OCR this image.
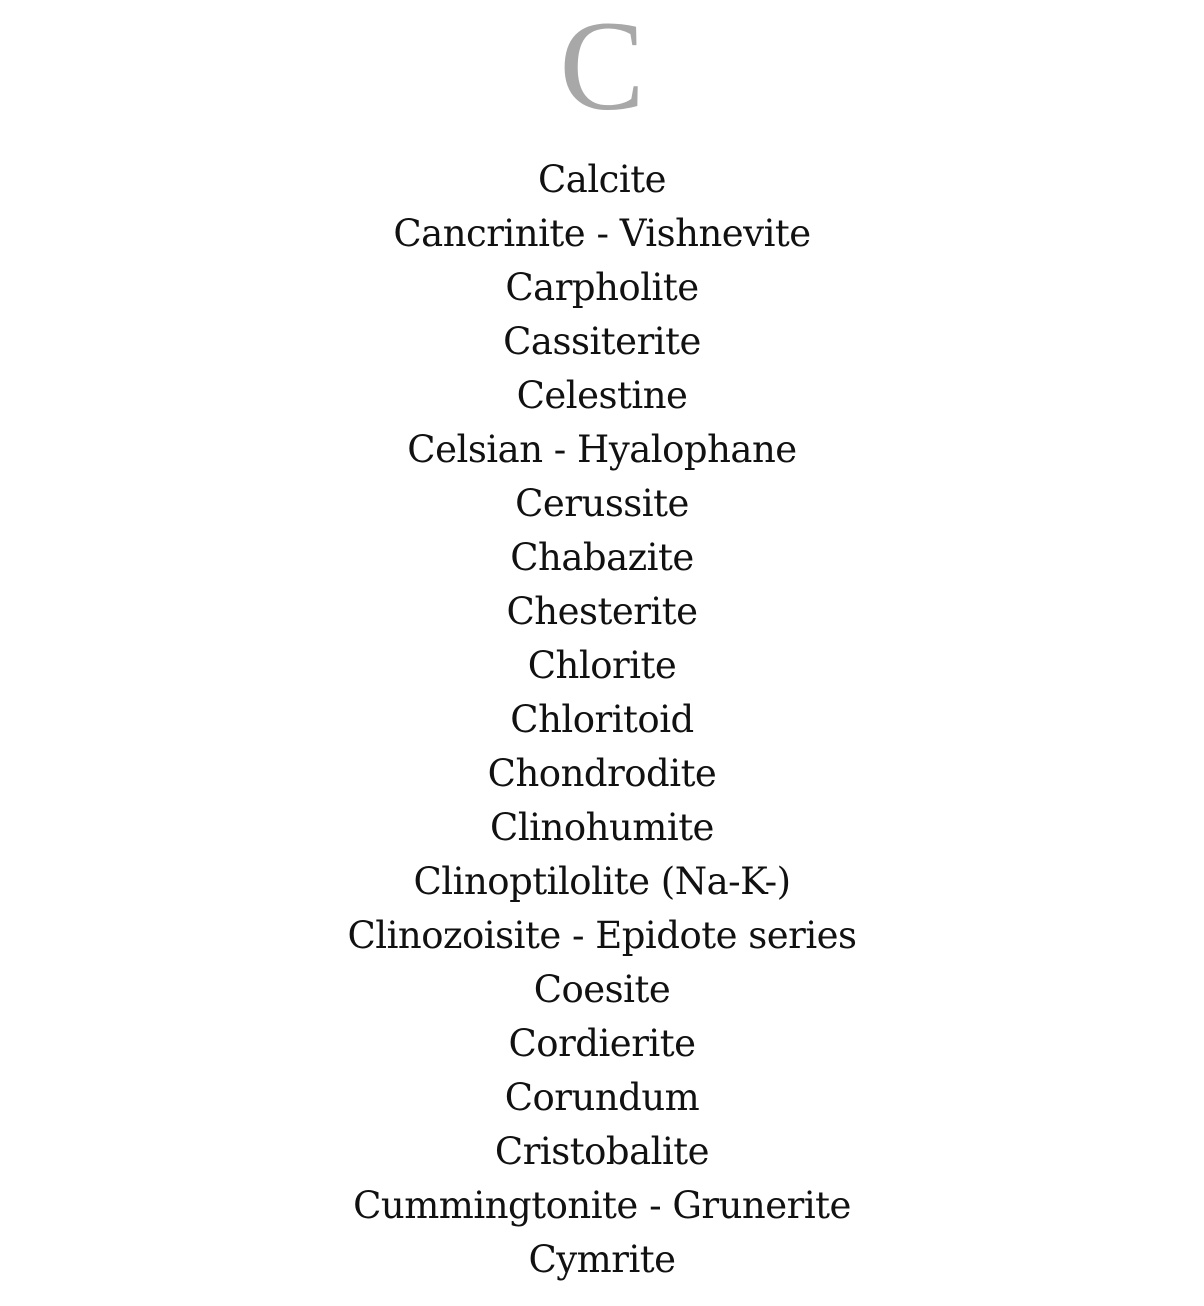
C
Calcite
Cancrinite - Vishnevite
Carpholite
Cassiterite
Celestine
Celsian - Hyalophane
Cerussite
Chabazite
Chesterite
Chlorite
Chloritoid
Chondrodite
Clinohumite
Clinoptilolite (Na-K-)
Clinozoisite - Epidote series
Coesite
Cordierite
Corundum
Cristobalite
Cummingtonite - Grunerite
Cymrite
